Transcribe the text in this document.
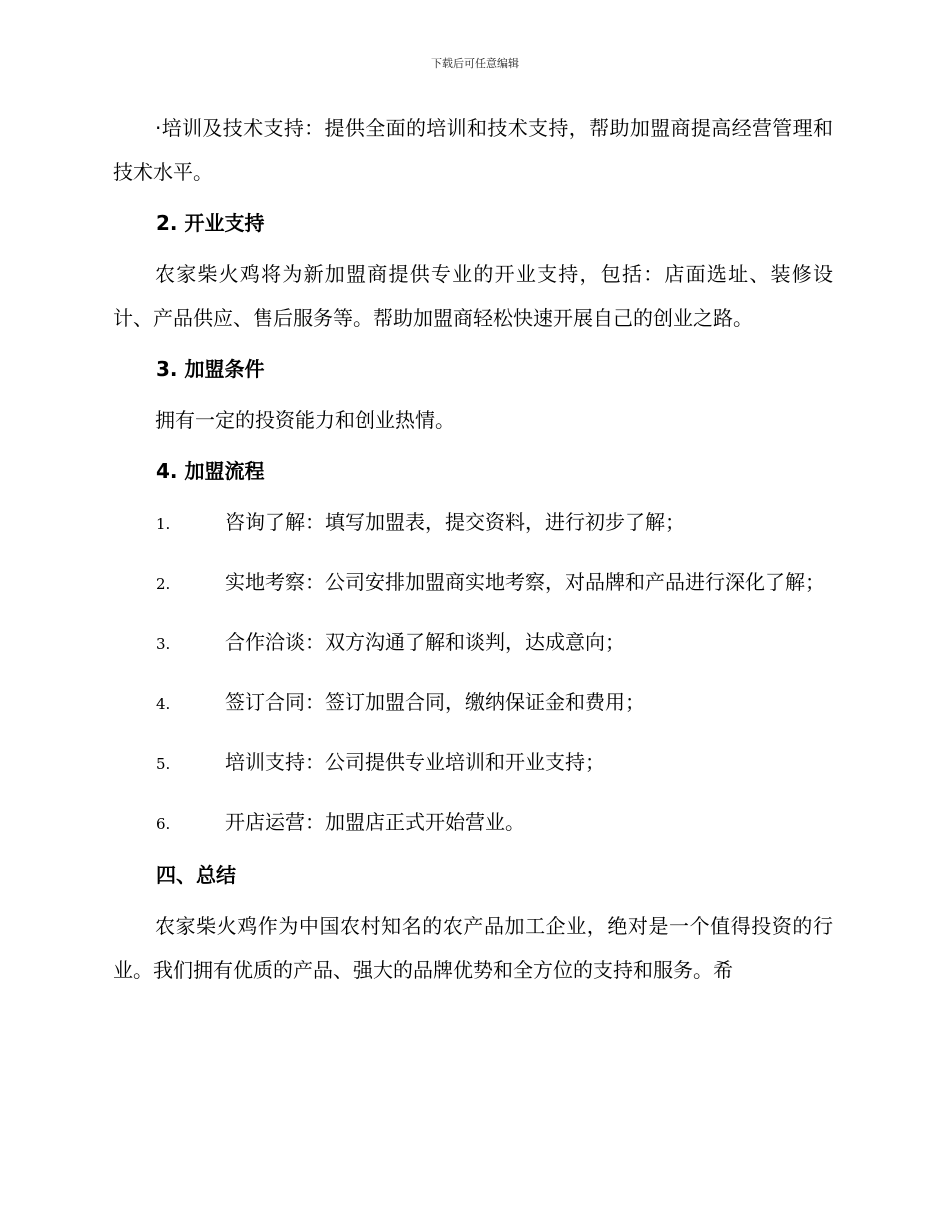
下载后可任意编辑

·培训及技术支持：提供全面的培训和技术支持，帮助加盟商提高经营管理和技术水平。

2. 开业支持

农家柴火鸡将为新加盟商提供专业的开业支持，包括：店面选址、装修设计、产品供应、售后服务等。帮助加盟商轻松快速开展自己的创业之路。

3. 加盟条件

拥有一定的投资能力和创业热情。

4. 加盟流程
1.	咨询了解：填写加盟表，提交资料，进行初步了解；
2.	实地考察：公司安排加盟商实地考察，对品牌和产品进行深化了解；
3.	合作洽谈：双方沟通了解和谈判，达成意向；
4.	签订合同：签订加盟合同，缴纳保证金和费用；
5.	培训支持：公司提供专业培训和开业支持；
6.	开店运营：加盟店正式开始营业。
四、总结

农家柴火鸡作为中国农村知名的农产品加工企业，绝对是一个值得投资的行业。我们拥有优质的产品、强大的品牌优势和全方位的支持和服务。希
